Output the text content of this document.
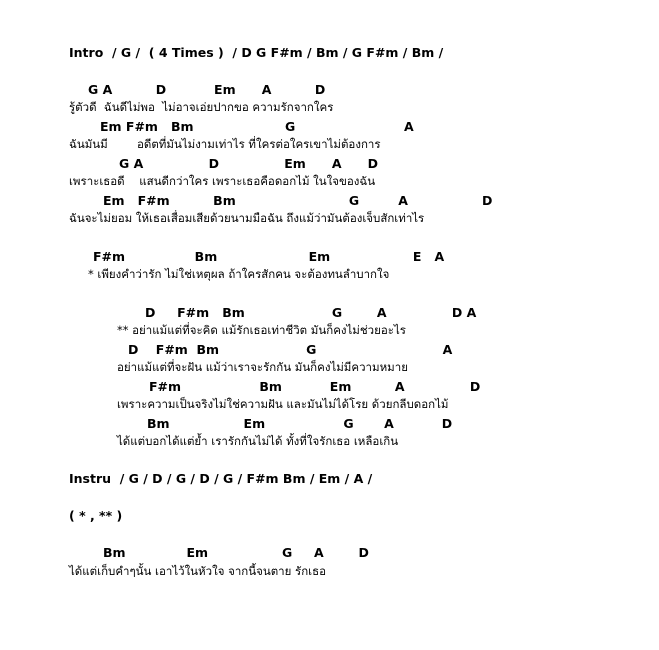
Intro  / G /  ( 4 Times )  / D G F#m / Bm / G F#m / Bm /
G A          D           Em      A          D
รู้ตัวดี  ฉันดีไม่พอ  ไม่อาจเอ่ยปากขอ ความรักจากใคร
Em F#m   Bm                     G                         A
ฉันมันมี        อดีตที่มันไม่งามเท่าไร ที่ใครต่อใครเขาไม่ต้องการ
G A               D               Em      A      D
เพราะเธอดี    แสนดีกว่าใคร เพราะเธอคือดอกไม้ ในใจของฉัน
Em   F#m          Bm                          G         A                 D
ฉันจะไม่ยอม ให้เธอเสื่อมเสียด้วยนามมือฉัน ถึงแม้ว่ามันต้องเจ็บสักเท่าไร
F#m                Bm                     Em                   E   A
* เพียงคำว่ารัก ไม่ใช่เหตุผล ถ้าใครสักคน จะต้องทนลำบากใจ
D     F#m   Bm                    G        A               D A
** อย่าแม้แต่ที่จะคิด แม้รักเธอเท่าชีวิต มันก็คงไม่ช่วยอะไร
D    F#m  Bm                    G                             A
อย่าแม้แต่ที่จะฝัน แม้ว่าเราจะรักกัน มันก็คงไม่มีความหมาย
F#m                  Bm           Em          A               D
เพราะความเป็นจริงไม่ใช่ความฝัน และมันไม่ได้โรย ด้วยกลีบดอกไม้
Bm                 Em                  G       A           D
ได้แต่บอกได้แต่ย้ำ เรารักกันไม่ได้ ทั้งที่ใจรักเธอ เหลือเกิน
Instru  / G / D / G / D / G / F#m Bm / Em / A /
( * , ** )
Bm              Em                 G     A        D
ได้แต่เก็บคำๆนั้น เอาไว้ในหัวใจ จากนี้จนตาย รักเธอ
